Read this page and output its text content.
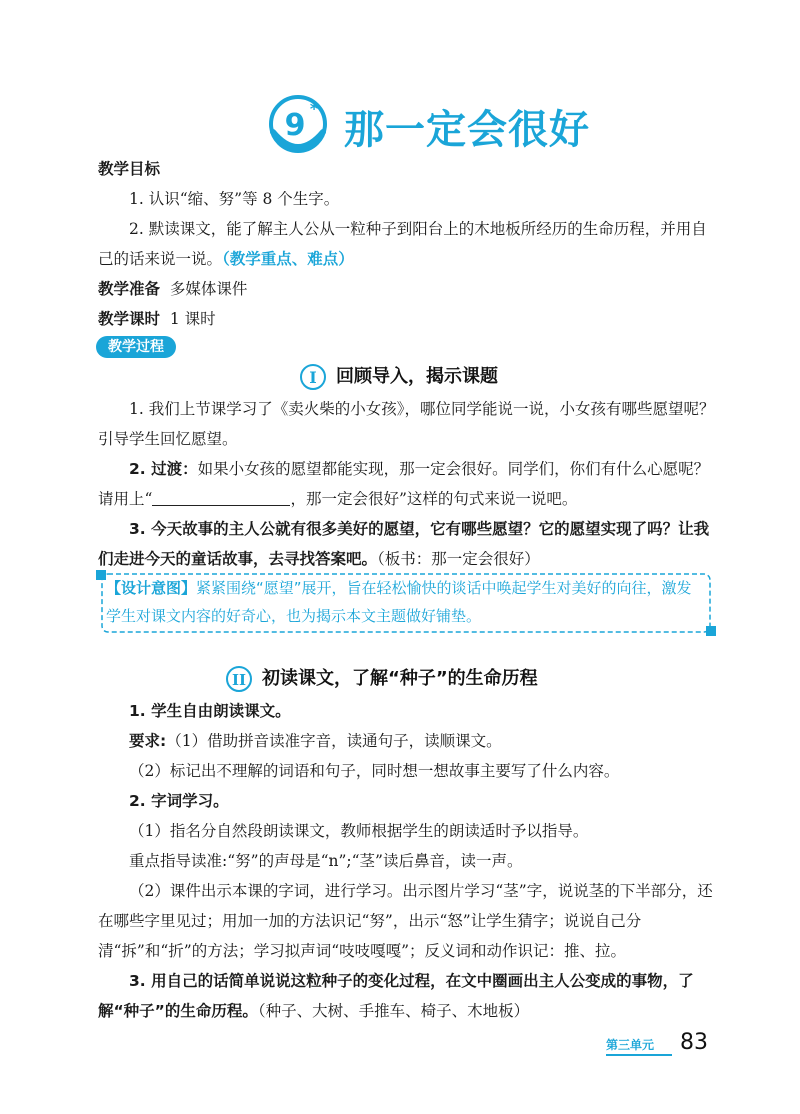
9 * 那一定会很好
教学目标
1. 认识“缩、努”等 8 个生字。
2. 默读课文，能了解主人公从一粒种子到阳台上的木地板所经历的生命历程，并用自己的话来说一说。（教学重点、难点）
教学准备 多媒体课件
教学课时 1 课时
教学过程
I 回顾导入，揭示课题
1. 我们上节课学习了《卖火柴的小女孩》，哪位同学能说一说，小女孩有哪些愿望呢？引导学生回忆愿望。
2. 过渡：如果小女孩的愿望都能实现，那一定会很好。同学们，你们有什么心愿呢？请用上“	，那一定会很好”这样的句式来说一说吧。
3. 今天故事的主人公就有很多美好的愿望，它有哪些愿望？它的愿望实现了吗？让我们走进今天的童话故事，去寻找答案吧。（板书：那一定会很好）
【设计意图】紧紧围绕“愿望”展开，旨在轻松愉快的谈话中唤起学生对美好的向往，激发学生对课文内容的好奇心，也为揭示本文主题做好铺垫。
II 初读课文，了解“种子”的生命历程
1. 学生自由朗读课文。
要求:（1）借助拼音读准字音，读通句子，读顺课文。
（2）标记出不理解的词语和句子，同时想一想故事主要写了什么内容。
2. 字词学习。
（1）指名分自然段朗读课文，教师根据学生的朗读适时予以指导。
重点指导读准:“努”的声母是“n”;“茎”读后鼻音，读一声。
（2）课件出示本课的字词，进行学习。出示图片学习“茎”字，说说茎的下半部分，还在哪些字里见过；用加一加的方法识记“努”，出示“怒”让学生猜字；说说自己分清“拆”和“折”的方法；学习拟声词“吱吱嘎嘎”；反义词和动作识记：推、拉。
3. 用自己的话简单说说这粒种子的变化过程，在文中圈画出主人公变成的事物，了解“种子”的生命历程。（种子、大树、手推车、椅子、木地板）
第三单元 83
